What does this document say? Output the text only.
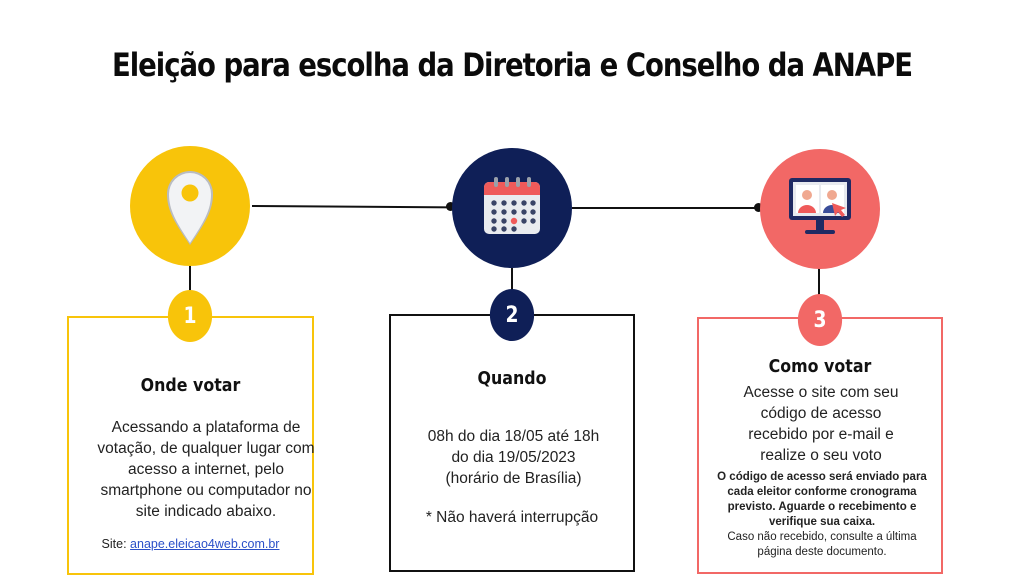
Eleição para escolha da Diretoria e Conselho da ANAPE
Onde votar
Acessando a plataforma de votação, de qualquer lugar com acesso a internet, pelo smartphone ou computador no site indicado abaixo.
Site: anape.eleicao4web.com.br
1
Quando
08h do dia 18/05 até 18h do dia 19/05/2023 (horário de Brasília)
* Não haverá interrupção
2
Como votar
Acesse o site com seu código de acesso recebido por e-mail e realize o seu voto
O código de acesso será enviado para cada eleitor conforme cronograma previsto. Aguarde o recebimento e verifique sua caixa.
Caso não recebido, consulte a última página deste documento.
3
